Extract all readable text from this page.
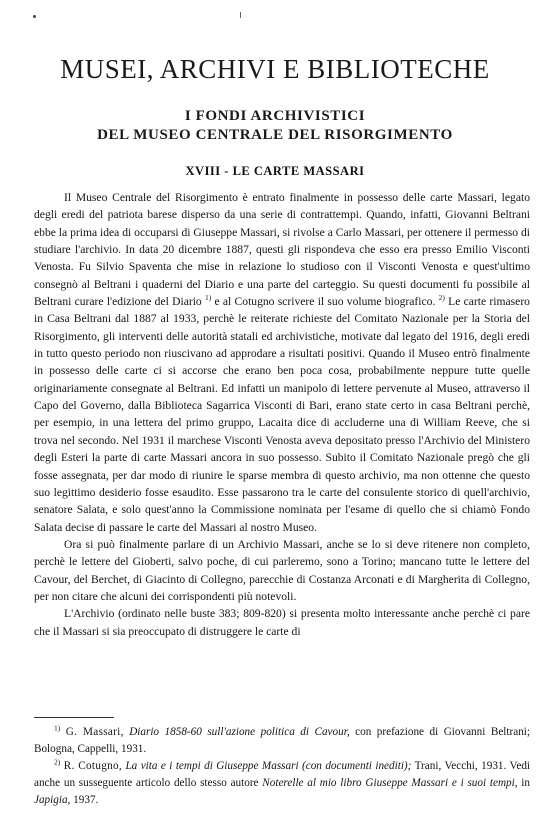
MUSEI, ARCHIVI E BIBLIOTECHE
I FONDI ARCHIVISTICI
DEL MUSEO CENTRALE DEL RISORGIMENTO
XVIII - LE CARTE MASSARI

Il Museo Centrale del Risorgimento è entrato finalmente in possesso delle carte Massari, legato degli eredi del patriota barese disperso da una serie di contrattempi. Quando, infatti, Giovanni Beltrani ebbe la prima idea di occuparsi di Giuseppe Massari, si rivolse a Carlo Massari, per ottenere il permesso di studiare l'archivio. In data 20 dicembre 1887, questi gli rispondeva che esso era presso Emilio Visconti Venosta. Fu Silvio Spaventa che mise in relazione lo studioso con il Visconti Venosta e quest'ultimo consegnò al Beltrani i quaderni del Diario e una parte del carteggio. Su questi documenti fu possibile al Beltrani curare l'edizione del Diario $^{1)}$ e al Cotugno scrivere il suo volume biografico. $^{2)}$ Le carte rimasero in Casa Beltrani dal 1887 al 1933, perchè le reiterate richieste del Comitato Nazionale per la Storia del Risorgimento, gli interventi delle autorità statali ed archivistiche, motivate dal legato del 1916, degli eredi in tutto questo periodo non riuscivano ad approdare a risultati positivi. Quando il Museo entrò finalmente in possesso delle carte ci si accorse che erano ben poca cosa, probabilmente neppure tutte quelle originariamente consegnate al Beltrani. Ed infatti un manipolo di lettere pervenute al Museo, attraverso il Capo del Governo, dalla Biblioteca Sagarrica Visconti di Bari, erano state certo in casa Beltrani perchè, per esempio, in una lettera del primo gruppo, Lacaita dice di accluderne una di William Reeve, che si trova nel secondo. Nel 1931 il marchese Visconti Venosta aveva depositato presso l'Archivio del Ministero degli Esteri la parte di carte Massari ancora in suo possesso. Subito il Comitato Nazionale pregò che gli fosse assegnata, per dar modo di riunire le sparse membra di questo archivio, ma non ottenne che questo suo legittimo desiderio fosse esaudito. Esse passarono tra le carte del consulente storico di quell'archivio, senatore Salata, e solo quest'anno la Commissione nominata per l'esame di quello che si chiamò Fondo Salata decise di passare le carte del Massari al nostro Museo.

Ora si può finalmente parlare di un Archivio Massari, anche se lo si deve ritenere non completo, perchè le lettere del Gioberti, salvo poche, di cui parleremo, sono a Torino; mancano tutte le lettere del Cavour, del Berchet, di Giacinto di Collegno, parecchie di Costanza Arconati e di Margherita di Collegno, per non citare che alcuni dei corrispondenti più notevoli.

L'Archivio (ordinato nelle buste 383; 809-820) si presenta molto interessante anche perchè ci pare che il Massari si sia preoccupato di distruggere le carte di

$^{1)}$ G. Massari, Diario 1858-60 sull'azione politica di Cavour, con prefazione di Giovanni Beltrani; Bologna, Cappelli, 1931.

$^{2)}$ R. Cotugno, La vita e i tempi di Giuseppe Massari (con documenti inediti); Trani, Vecchi, 1931. Vedi anche un susseguente articolo dello stesso autore Noterelle al mio libro Giuseppe Massari e i suoi tempi, in Japigia, 1937.
